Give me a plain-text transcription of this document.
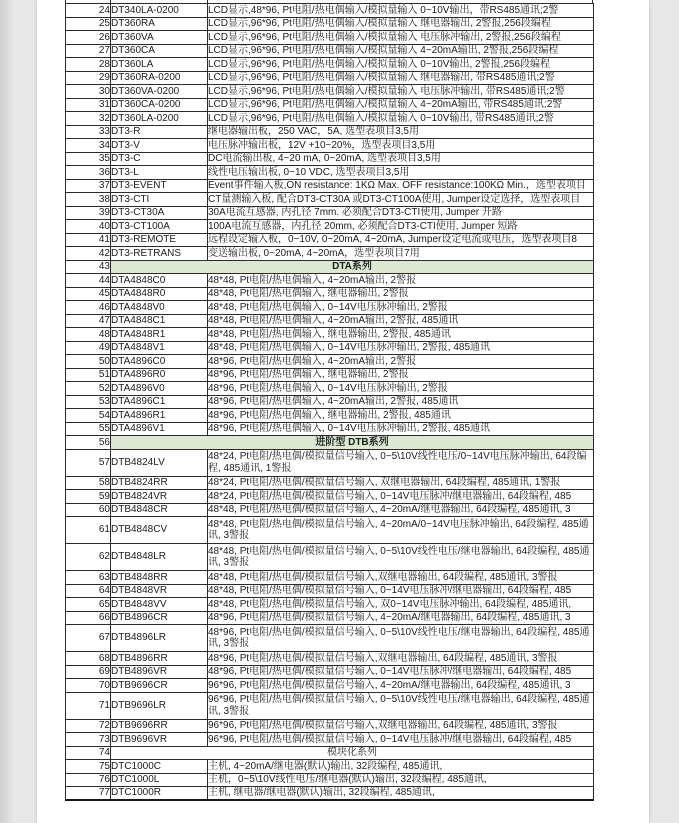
24	DT340LA-0200	LCD显示,48*96, Pt电阻/热电偶输入/模拟量输入 0~10V输出，带RS485通讯;2警
25	DT360RA	LCD显示,96*96, Pt电阻/热电偶输入/模拟量输入 继电器输出, 2警报,256段编程
26	DT360VA	LCD显示,96*96, Pt电阻/热电偶输入/模拟量输入 电压脉冲输出, 2警报,256段编程
27	DT360CA	LCD显示,96*96, Pt电阻/热电偶输入/模拟量输入 4~20mA输出, 2警报,256段编程
28	DT360LA	LCD显示,96*96, Pt电阻/热电偶输入/模拟量输入 0~10V输出, 2警报,256段编程
29	DT360RA-0200	LCD显示,96*96, Pt电阻/热电偶输入/模拟量输入 继电器输出, 带RS485通讯;2警
30	DT360VA-0200	LCD显示,96*96, Pt电阻/热电偶输入/模拟量输入 电压脉冲输出, 带RS485通讯;2警
31	DT360CA-0200	LCD显示,96*96, Pt电阻/热电偶输入/模拟量输入 4~20mA输出, 带RS485通讯;2警
32	DT360LA-0200	LCD显示,96*96, Pt电阻/热电偶输入/模拟量输入 0~10V输出, 带RS485通讯;2警
33	DT3-R	继电器输出板，250 VAC，5A, 选型表项目3,5用
34	DT3-V	电压脉冲输出板，12V +10~20%，选型表项目3,5用
35	DT3-C	DC电流输出板, 4~20 mA, 0~20mA, 选型表项目3,5用
36	DT3-L	线性电压输出板, 0~10 VDC, 选型表项目3,5用
37	DT3-EVENT	Event事件输入板,ON resistance: 1KΩ Max. OFF resistance:100KΩ Min.，选型表项目
38	DT3-CTI	CT量测输入板, 配合DT3-CT30A 或DT3-CT100A使用, Jumper设定选择，选型表项目
39	DT3-CT30A	30A电流互感器, 内孔径 7mm. 必须配合DT3-CTI使用, Jumper 开路
40	DT3-CT100A	100A电流互感器，内孔径 20mm, 必须配合DT3-CTI使用, Jumper 短路
41	DT3-REMOTE	远程设定输入板，0~10V, 0~20mA, 4~20mA, Jumper设定电流或电压，选型表项目8
42	DT3-RETRANS	变送输出板, 0~20mA, 4~20mA，选型表项目7用
43	DTA系列	
44	DTA4848C0	48*48, Pt电阻/热电偶输入, 4~20mA输出, 2警报
45	DTA4848R0	48*48, Pt电阻/热电偶输入, 继电器输出, 2警报
46	DTA4848V0	48*48, Pt电阻/热电偶输入, 0~14V电压脉冲输出, 2警报
47	DTA4848C1	48*48, Pt电阻/热电偶输入, 4~20mA输出, 2警报, 485通讯
48	DTA4848R1	48*48, Pt电阻/热电偶输入, 继电器输出, 2警报, 485通讯
49	DTA4848V1	48*48, Pt电阻/热电偶输入, 0~14V电压脉冲输出, 2警报, 485通讯
50	DTA4896C0	48*96, Pt电阻/热电偶输入, 4~20mA输出, 2警报
51	DTA4896R0	48*96, Pt电阻/热电偶输入, 继电器输出, 2警报
52	DTA4896V0	48*96, Pt电阻/热电偶输入, 0~14V电压脉冲输出, 2警报
53	DTA4896C1	48*96, Pt电阻/热电偶输入, 4~20mA输出, 2警报, 485通讯
54	DTA4896R1	48*96, Pt电阻/热电偶输入, 继电器输出, 2警报, 485通讯
55	DTA4896V1	48*96, Pt电阻/热电偶输入, 0~14V电压脉冲输出, 2警报, 485通讯
56	进阶型 DTB系列	
57	DTB4824LV	48*24, Pt电阻/热电偶/模拟量信号输入, 0~5\10V线性电压/0~14V电压脉冲输出, 64段编程, 485通讯, 1警报
58	DTB4824RR	48*24, Pt电阻/热电偶/模拟量信号输入, 双继电器输出, 64段编程, 485通讯, 1警报
59	DTB4824VR	48*24, Pt电阻/热电偶/模拟量信号输入, 0~14V电压脉冲/继电器输出, 64段编程, 485
60	DTB4848CR	48*48, Pt电阻/热电偶/模拟量信号输入, 4~20mA/继电器输出, 64段编程, 485通讯, 3
61	DTB4848CV	48*48, Pt电阻/热电偶/模拟量信号输入, 4~20mA/0~14V电压脉冲输出, 64段编程, 485通讯, 3警报
62	DTB4848LR	48*48, Pt电阻/热电偶/模拟量信号输入, 0~5\10V线性电压/继电器输出, 64段编程, 485通讯, 3警报
63	DTB4848RR	48*48, Pt电阻/热电偶/模拟量信号输入,双继电器输出, 64段编程, 485通讯, 3警报
64	DTB4848VR	48*48, Pt电阻/热电偶/模拟量信号输入, 0~14V电压脉冲/继电器输出, 64段编程, 485
65	DTB4848VV	48*48, Pt电阻/热电偶/模拟量信号输入, 双0~14V电压脉冲输出, 64段编程, 485通讯,
66	DTB4896CR	48*96, Pt电阻/热电偶/模拟量信号输入, 4~20mA/继电器输出, 64段编程, 485通讯, 3
67	DTB4896LR	48*96, Pt电阻/热电偶/模拟量信号输入, 0~5\10V线性电压/继电器输出, 64段编程, 485通讯, 3警报
68	DTB4896RR	48*96, Pt电阻/热电偶/模拟量信号输入,双继电器输出, 64段编程, 485通讯, 3警报
69	DTB4896VR	48*96, Pt电阻/热电偶/模拟量信号输入, 0~14V电压脉冲/继电器输出, 64段编程, 485
70	DTB9696CR	96*96, Pt电阻/热电偶/模拟量信号输入, 4~20mA/继电器输出, 64段编程, 485通讯, 3
71	DTB9696LR	96*96, Pt电阻/热电偶/模拟量信号输入, 0~5\10V线性电压/继电器输出, 64段编程, 485通讯, 3警报
72	DTB9696RR	96*96, Pt电阻/热电偶/模拟量信号输入,双继电器输出, 64段编程, 485通讯, 3警报
73	DTB9696VR	96*96, Pt电阻/热电偶/模拟量信号输入, 0~14V电压脉冲/继电器输出, 64段编程, 485
74	模块化系列	
75	DTC1000C	主机, 4~20mA/继电器(默认)输出, 32段编程, 485通讯,
76	DTC1000L	主机，0~5\10V线性电压/继电器(默认)输出, 32段编程, 485通讯,
77	DTC1000R	主机, 继电器/继电器(默认)输出, 32段编程, 485通讯,
